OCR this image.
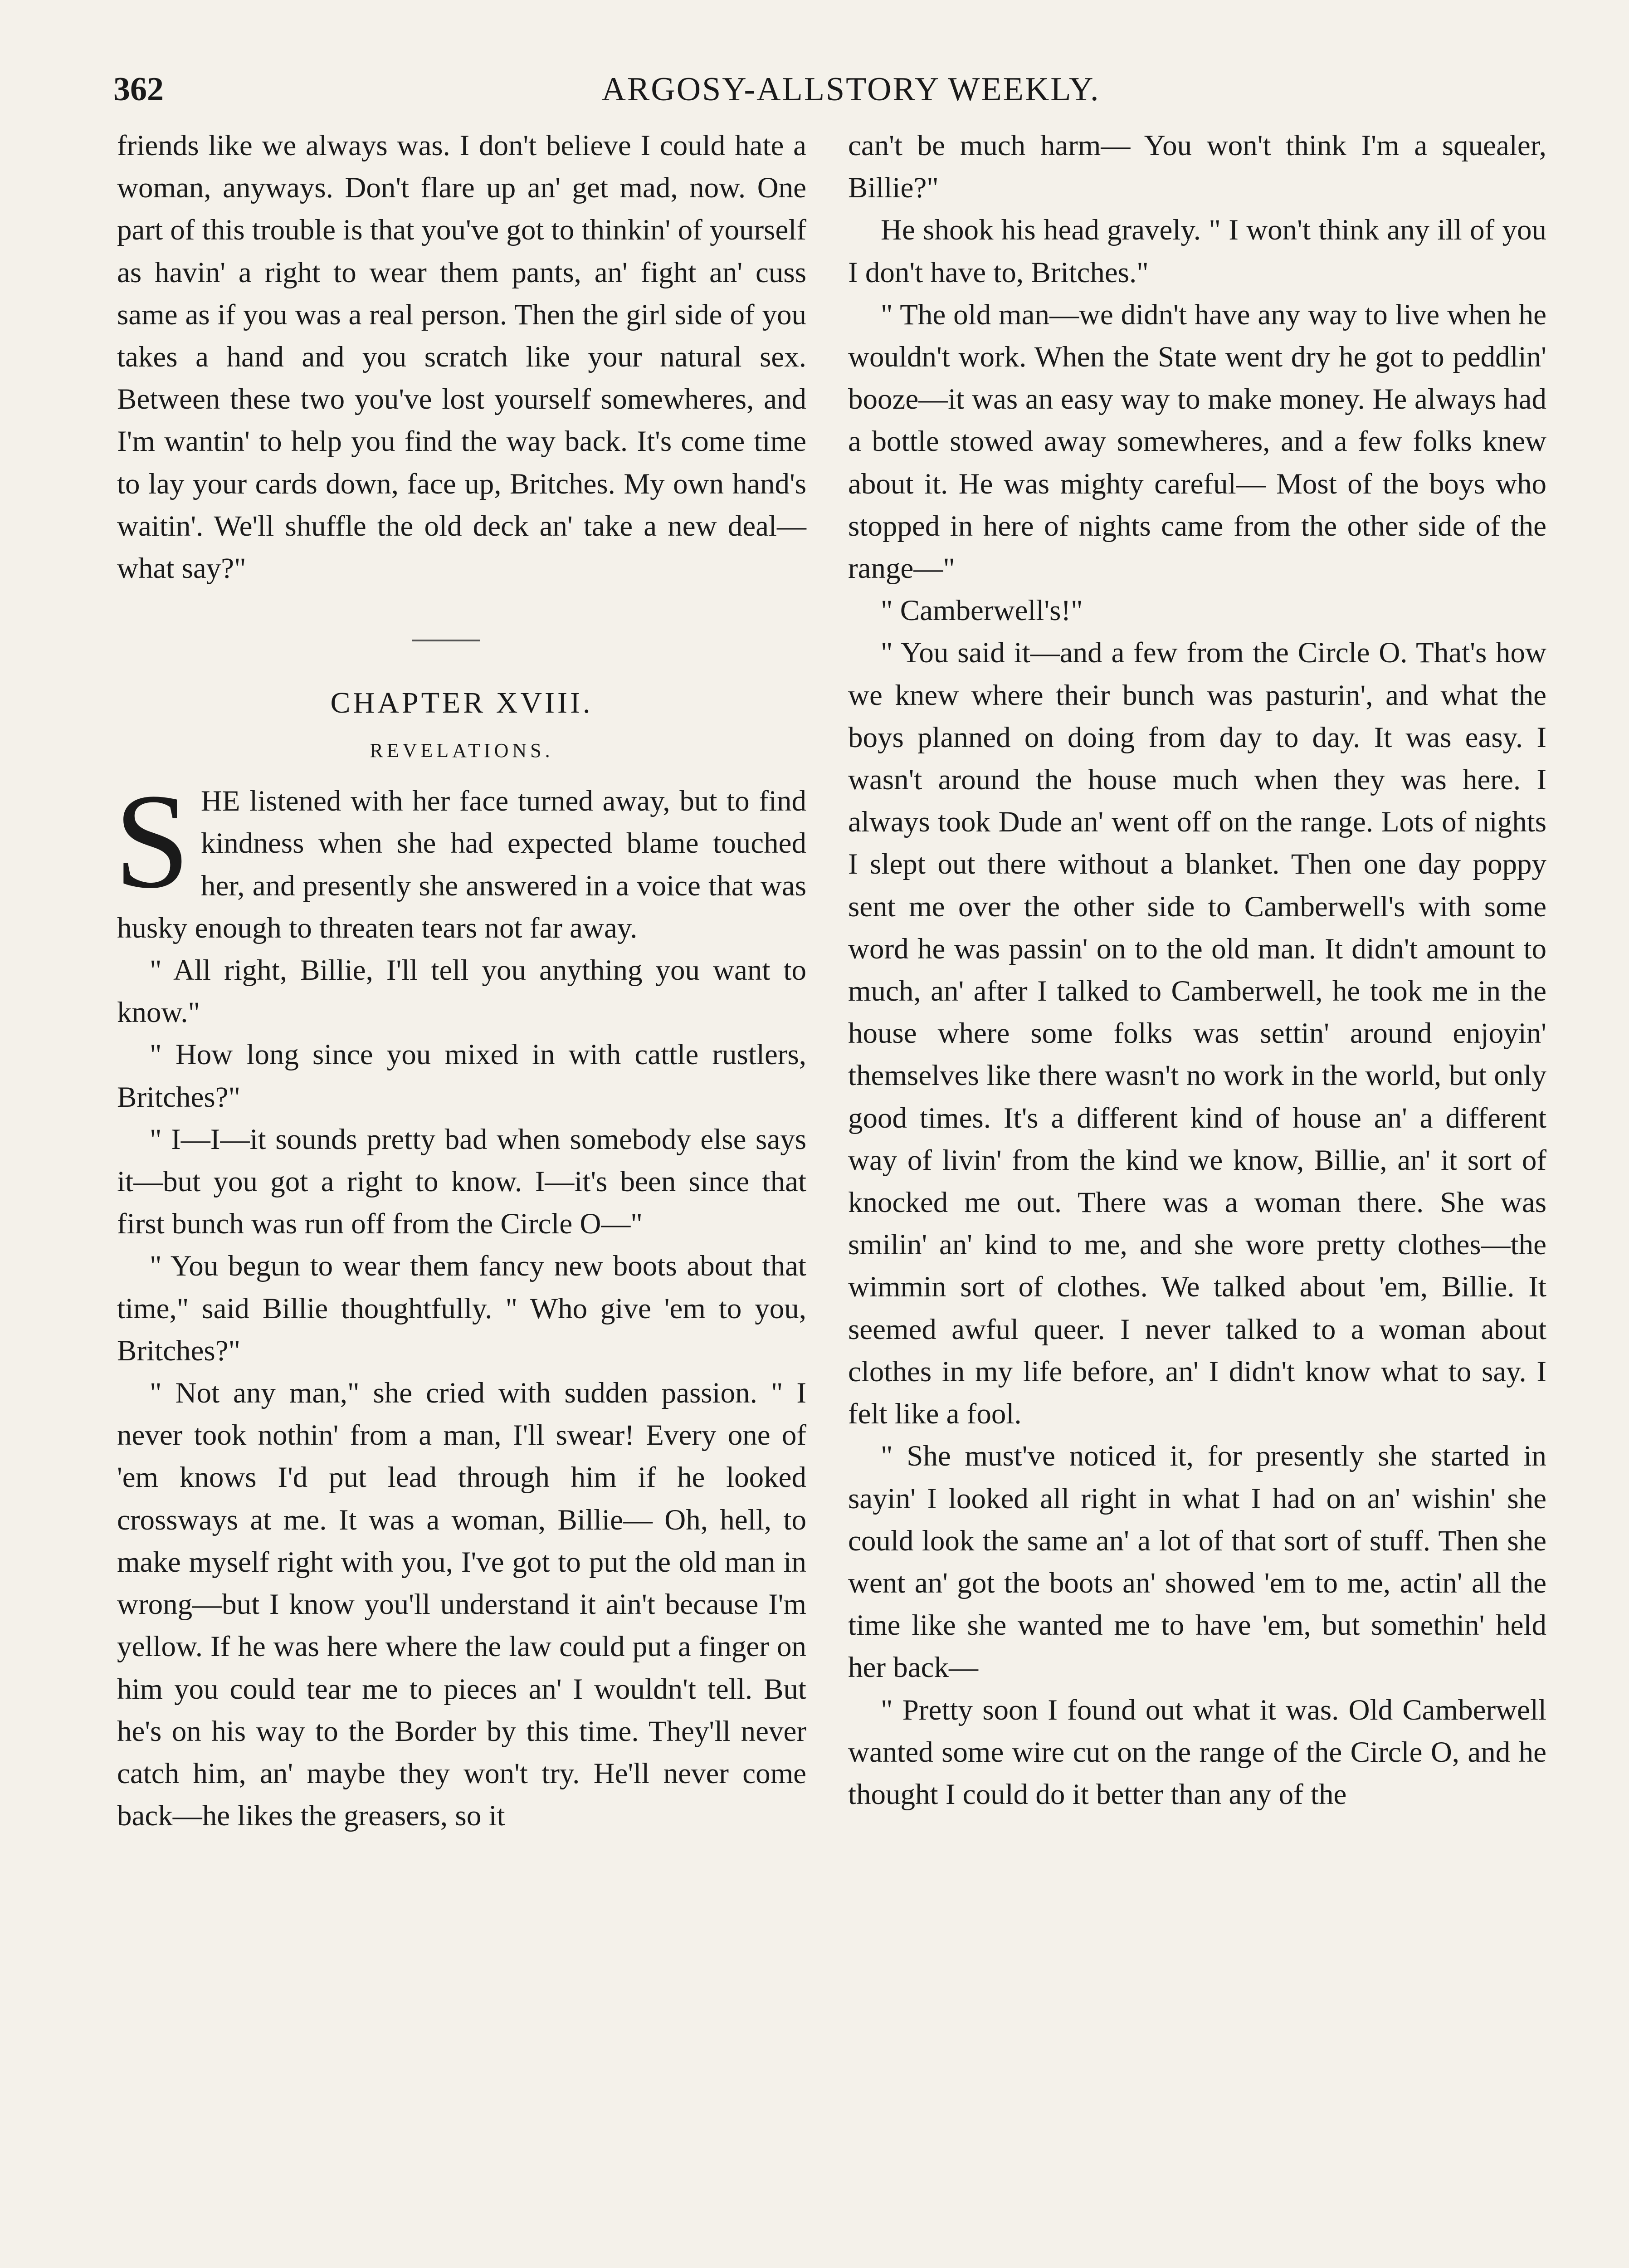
362	ARGOSY-ALLSTORY WEEKLY.

friends like we always was. I don't believe I could hate a woman, anyways. Don't flare up an' get mad, now. One part of this trouble is that you've got to thinkin' of yourself as havin' a right to wear them pants, an' fight an' cuss same as if you was a real person. Then the girl side of you takes a hand and you scratch like your natural sex. Between these two you've lost yourself somewheres, and I'm wantin' to help you find the way back. It's come time to lay your cards down, face up, Britches. My own hand's waitin'. We'll shuffle the old deck an' take a new deal—what say?"

CHAPTER XVIII.

REVELATIONS.

S HE listened with her face turned away, but to find kindness when she had expected blame touched her, and presently she answered in a voice that was husky enough to threaten tears not far away.

" All right, Billie, I'll tell you anything you want to know."

" How long since you mixed in with cattle rustlers, Britches?"

" I—I—it sounds pretty bad when somebody else says it—but you got a right to know. I—it's been since that first bunch was run off from the Circle O—"

" You begun to wear them fancy new boots about that time," said Billie thoughtfully. " Who give 'em to you, Britches?"

" Not any man," she cried with sudden passion. " I never took nothin' from a man, I'll swear! Every one of 'em knows I'd put lead through him if he looked crossways at me. It was a woman, Billie— Oh, hell, to make myself right with you, I've got to put the old man in wrong—but I know you'll understand it ain't because I'm yellow. If he was here where the law could put a finger on him you could tear me to pieces an' I wouldn't tell. But he's on his way to the Border by this time. They'll never catch him, an' maybe they won't try. He'll never come back—he likes the greasers, so it

can't be much harm— You won't think I'm a squealer, Billie?"

He shook his head gravely. " I won't think any ill of you I don't have to, Britches."

" The old man—we didn't have any way to live when he wouldn't work. When the State went dry he got to peddlin' booze—it was an easy way to make money. He always had a bottle stowed away somewheres, and a few folks knew about it. He was mighty careful— Most of the boys who stopped in here of nights came from the other side of the range—"

" Camberwell's!"

" You said it—and a few from the Circle O. That's how we knew where their bunch was pasturin', and what the boys planned on doing from day to day. It was easy. I wasn't around the house much when they was here. I always took Dude an' went off on the range. Lots of nights I slept out there without a blanket. Then one day poppy sent me over the other side to Camberwell's with some word he was passin' on to the old man. It didn't amount to much, an' after I talked to Camberwell, he took me in the house where some folks was settin' around enjoyin' themselves like there wasn't no work in the world, but only good times. It's a different kind of house an' a different way of livin' from the kind we know, Billie, an' it sort of knocked me out. There was a woman there. She was smilin' an' kind to me, and she wore pretty clothes—the wimmin sort of clothes. We talked about 'em, Billie. It seemed awful queer. I never talked to a woman about clothes in my life before, an' I didn't know what to say. I felt like a fool.

" She must've noticed it, for presently she started in sayin' I looked all right in what I had on an' wishin' she could look the same an' a lot of that sort of stuff. Then she went an' got the boots an' showed 'em to me, actin' all the time like she wanted me to have 'em, but somethin' held her back—

" Pretty soon I found out what it was. Old Camberwell wanted some wire cut on the range of the Circle O, and he thought I could do it better than any of the
